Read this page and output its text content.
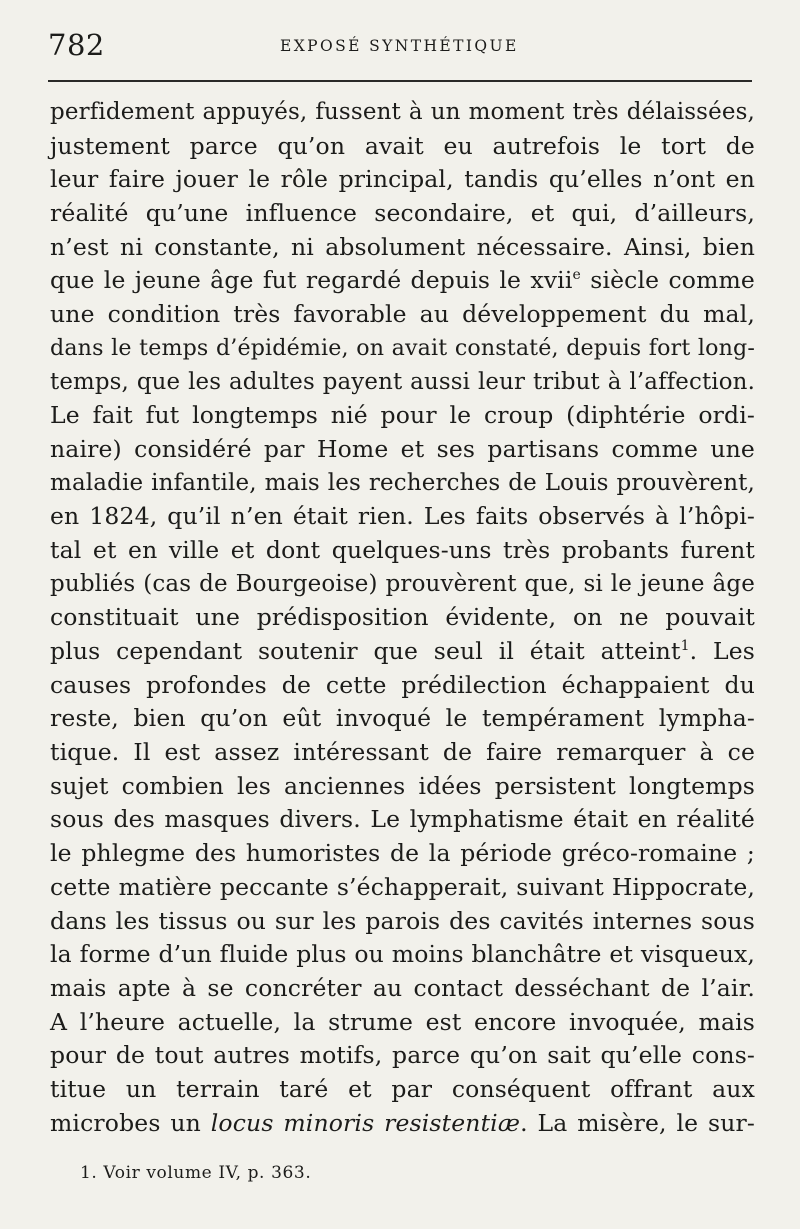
782	EXPOSÉ SYNTHÉTIQUE
perfidement appuyés, fussent à un moment très délaissées,
justement parce qu’on avait eu autrefois le tort de
leur faire jouer le rôle principal, tandis qu’elles n’ont en
réalité qu’une influence secondaire, et qui, d’ailleurs,
n’est ni constante, ni absolument nécessaire. Ainsi, bien
que le jeune âge fut regardé depuis le xvii$^e$ siècle comme
une condition très favorable au développement du mal,
dans le temps d’épidémie, on avait constaté, depuis fort long-
temps, que les adultes payent aussi leur tribut à l’affection.
Le fait fut longtemps nié pour le croup (diphtérie ordi-
naire) considéré par Home et ses partisans comme une
maladie infantile, mais les recherches de Louis prouvèrent,
en 1824, qu’il n’en était rien. Les faits observés à l’hôpi-
tal et en ville et dont quelques-uns très probants furent
publiés (cas de Bourgeoise) prouvèrent que, si le jeune âge
constituait une prédisposition évidente, on ne pouvait
plus cependant soutenir que seul il était atteint$^1$. Les
causes profondes de cette prédilection échappaient du
reste, bien qu’on eût invoqué le tempérament lympha-
tique. Il est assez intéressant de faire remarquer à ce
sujet combien les anciennes idées persistent longtemps
sous des masques divers. Le lymphatisme était en réalité
le phlegme des humoristes de la période gréco-romaine ;
cette matière peccante s’échapperait, suivant Hippocrate,
dans les tissus ou sur les parois des cavités internes sous
la forme d’un fluide plus ou moins blanchâtre et visqueux,
mais apte à se concréter au contact desséchant de l’air.
A l’heure actuelle, la strume est encore invoquée, mais
pour de tout autres motifs, parce qu’on sait qu’elle cons-
titue un terrain taré et par conséquent offrant aux
microbes un locus minoris resistentiæ. La misère, le sur-
1. Voir volume IV, p. 363.
